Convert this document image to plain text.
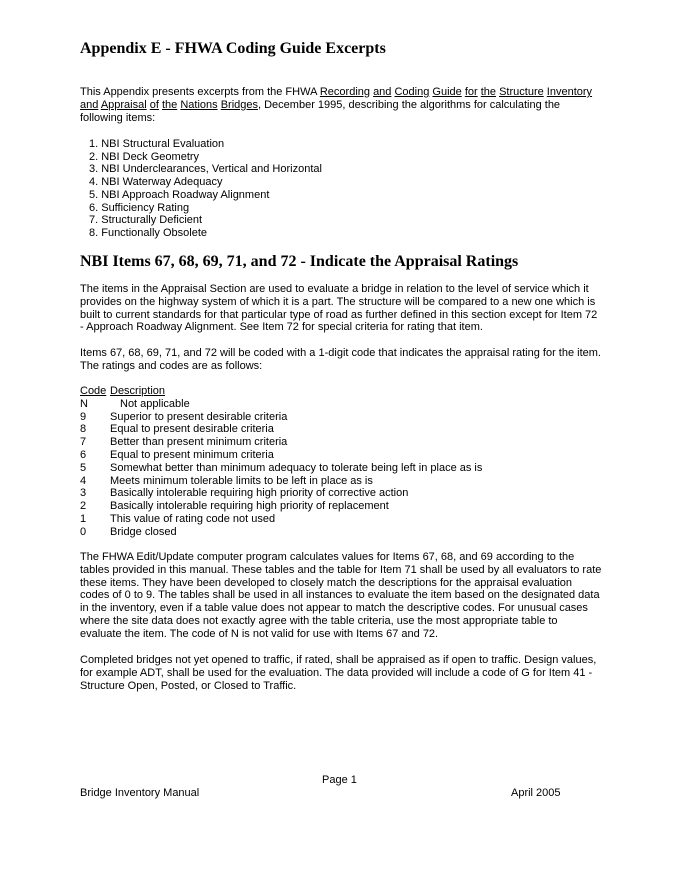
Appendix E - FHWA Coding Guide Excerpts

This Appendix presents excerpts from the FHWA Recording and Coding Guide for the Structure Inventory and Appraisal of the Nations Bridges, December 1995, describing the algorithms for calculating the following items:

1. NBI Structural Evaluation
2. NBI Deck Geometry
3. NBI Underclearances, Vertical and Horizontal
4. NBI Waterway Adequacy
5. NBI Approach Roadway Alignment
6. Sufficiency Rating
7. Structurally Deficient
8. Functionally Obsolete
NBI Items 67, 68, 69, 71, and 72 - Indicate the Appraisal Ratings

The items in the Appraisal Section are used to evaluate a bridge in relation to the level of service which it provides on the highway system of which it is a part. The structure will be compared to a new one which is built to current standards for that particular type of road as further defined in this section except for Item 72 - Approach Roadway Alignment. See Item 72 for special criteria for rating that item.

Items 67, 68, 69, 71, and 72 will be coded with a 1-digit code that indicates the appraisal rating for the item. The ratings and codes are as follows:

Code Description
N	Not applicable
9	Superior to present desirable criteria
8	Equal to present desirable criteria
7	Better than present minimum criteria
6	Equal to present minimum criteria
5	Somewhat better than minimum adequacy to tolerate being left in place as is
4	Meets minimum tolerable limits to be left in place as is
3	Basically intolerable requiring high priority of corrective action
2	Basically intolerable requiring high priority of replacement
1	This value of rating code not used
0	Bridge closed

The FHWA Edit/Update computer program calculates values for Items 67, 68, and 69 according to the tables provided in this manual. These tables and the table for Item 71 shall be used by all evaluators to rate these items. They have been developed to closely match the descriptions for the appraisal evaluation codes of 0 to 9. The tables shall be used in all instances to evaluate the item based on the designated data in the inventory, even if a table value does not appear to match the descriptive codes. For unusual cases where the site data does not exactly agree with the table criteria, use the most appropriate table to evaluate the item. The code of N is not valid for use with Items 67 and 72.

Completed bridges not yet opened to traffic, if rated, shall be appraised as if open to traffic. Design values, for example ADT, shall be used for the evaluation. The data provided will include a code of G for Item 41 - Structure Open, Posted, or Closed to Traffic.

Page 1
Bridge Inventory Manual	April 2005
